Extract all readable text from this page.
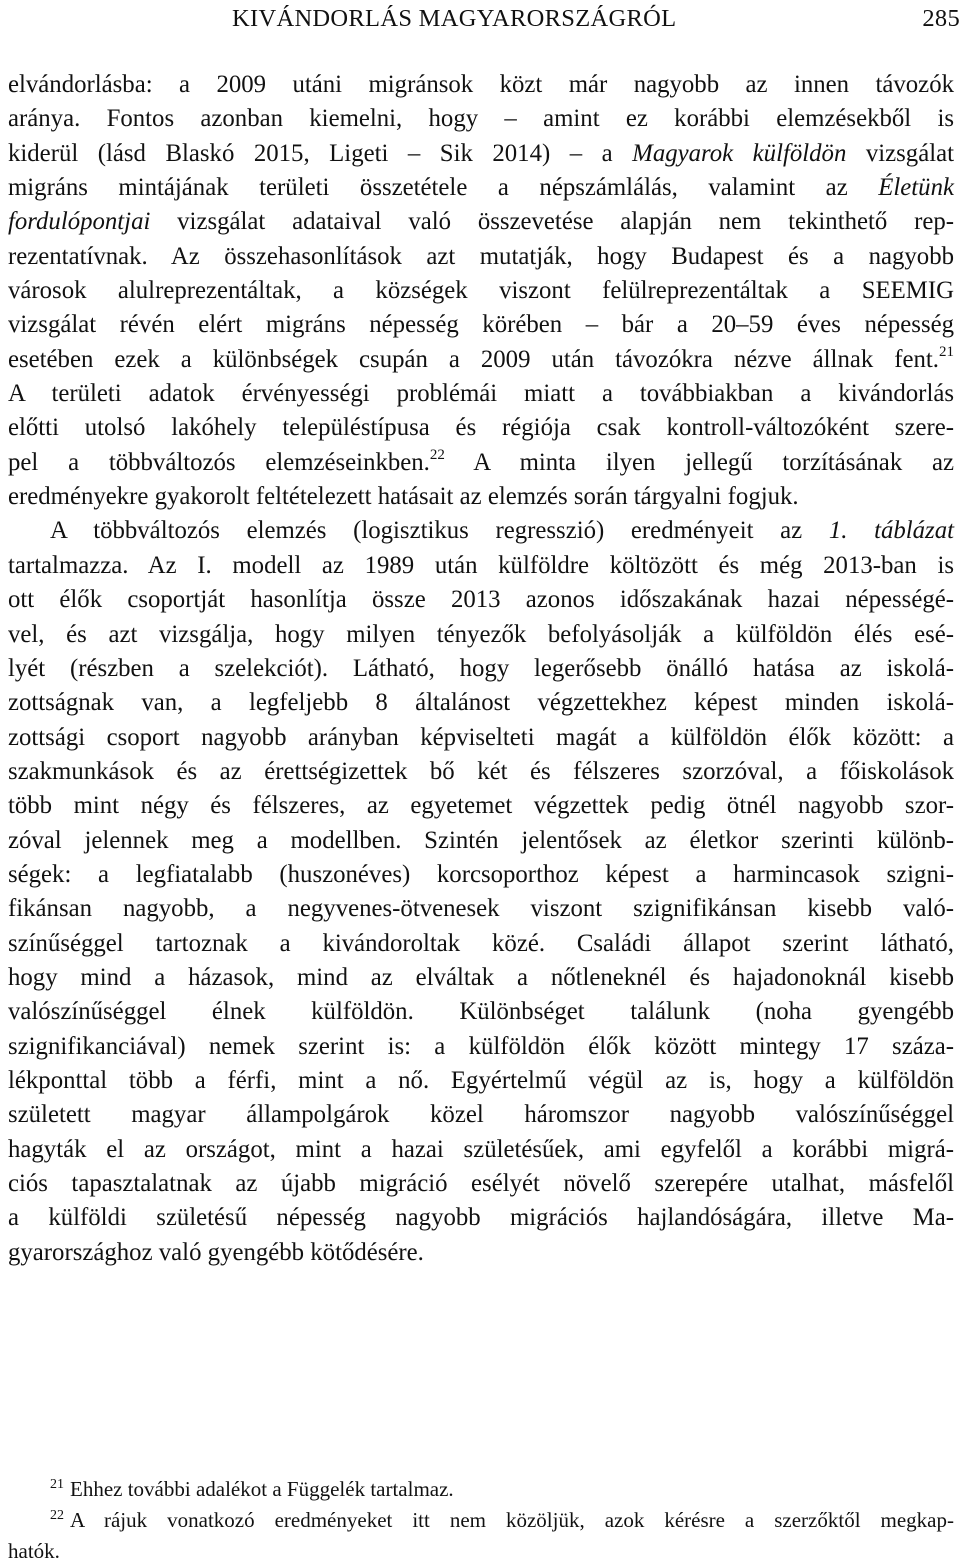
KIVÁNDORLÁS MAGYARORSZÁGRÓL	285
elvándorlásba: a 2009 utáni migránsok közt már nagyobb az innen távozók
aránya. Fontos azonban kiemelni, hogy – amint ez korábbi elemzésekből is
kiderül (lásd Blaskó 2015, Ligeti – Sik 2014) – a Magyarok külföldön vizsgálat
migráns mintájának területi összetétele a népszámlálás, valamint az Életünk
fordulópontjai vizsgálat adataival való összevetése alapján nem tekinthető rep-
rezentatívnak. Az összehasonlítások azt mutatják, hogy Budapest és a nagyobb
városok alulreprezentáltak, a községek viszont felülreprezentáltak a SEEMIG
vizsgálat révén elért migráns népesség körében – bár a 20–59 éves népesség
esetében ezek a különbségek csupán a 2009 után távozókra nézve állnak fent.$^{21}$
A területi adatok érvényességi problémái miatt a továbbiakban a kivándorlás
előtti utolsó lakóhely településtípusa és régiója csak kontroll-változóként szere-
pel a többváltozós elemzéseinkben.$^{22}$ A minta ilyen jellegű torzításának az
eredményekre gyakorolt feltételezett hatásait az elemzés során tárgyalni fogjuk.
A többváltozós elemzés (logisztikus regresszió) eredményeit az 1. táblázat
tartalmazza. Az I. modell az 1989 után külföldre költözött és még 2013-ban is
ott élők csoportját hasonlítja össze 2013 azonos időszakának hazai népességé-
vel, és azt vizsgálja, hogy milyen tényezők befolyásolják a külföldön élés esé-
lyét (részben a szelekciót). Látható, hogy legerősebb önálló hatása az iskolá-
zottságnak van, a legfeljebb 8 általánost végzettekhez képest minden iskolá-
zottsági csoport nagyobb arányban képviselteti magát a külföldön élők között: a
szakmunkások és az érettségizettek bő két és félszeres szorzóval, a főiskolások
több mint négy és félszeres, az egyetemet végzettek pedig ötnél nagyobb szor-
zóval jelennek meg a modellben. Szintén jelentősek az életkor szerinti különb-
ségek: a legfiatalabb (huszonéves) korcsoporthoz képest a harmincasok szigni-
fikánsan nagyobb, a negyvenes-ötvenesek viszont szignifikánsan kisebb való-
színűséggel tartoznak a kivándoroltak közé. Családi állapot szerint látható,
hogy mind a házasok, mind az elváltak a nőtleneknél és hajadonoknál kisebb
valószínűséggel élnek külföldön. Különbséget találunk (noha gyengébb
szignifikanciával) nemek szerint is: a külföldön élők között mintegy 17 száza-
lékponttal több a férfi, mint a nő. Egyértelmű végül az is, hogy a külföldön
született magyar állampolgárok közel háromszor nagyobb valószínűséggel
hagyták el az országot, mint a hazai születésűek, ami egyfelől a korábbi migrá-
ciós tapasztalatnak az újabb migráció esélyét növelő szerepére utalhat, másfelől
a külföldi születésű népesség nagyobb migrációs hajlandóságára, illetve Ma-
gyarországhoz való gyengébb kötődésére.
$^{21}$ Ehhez további adalékot a Függelék tartalmaz.
$^{22}$ A rájuk vonatkozó eredményeket itt nem közöljük, azok kérésre a szerzőktől megkap-
hatók.
